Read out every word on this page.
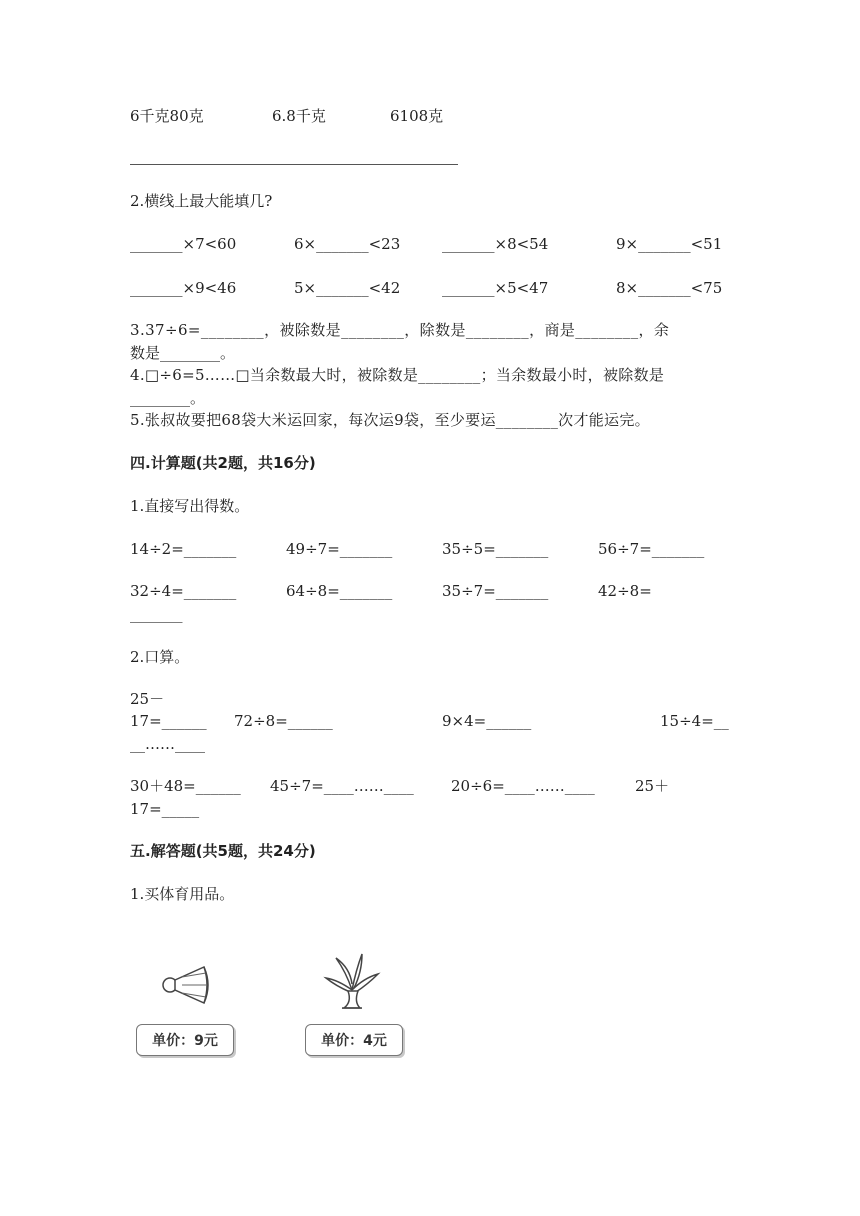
6千克80克	6.8千克	6108克
2.横线上最大能填几?
_______×7<60	6×_______<23	_______×8<54	9×_______<51
_______×9<46	5×_______<42	_______×5<47	8×_______<75
3.37÷6=________，被除数是________，除数是________，商是________，余
数是________。
4.□÷6=5……□当余数最大时，被除数是________；当余数最小时，被除数是
________。
5.张叔故要把68袋大米运回家，每次运9袋，至少要运________次才能运完。
四.计算题(共2题，共16分)
1.直接写出得数。
14÷2=_______	49÷7=_______	35÷5=_______	56÷7=_______
32÷4=_______	64÷8=_______	35÷7=_______	42÷8=
_______
2.口算。
25－
17=______ 72÷8=______	9×4=______	15÷4=__
__……____
30＋48=______ 45÷7=____……____ 20÷6=____……____	25＋
17=_____
五.解答题(共5题，共24分)
1.买体育用品。
单价：9元	单价：4元
